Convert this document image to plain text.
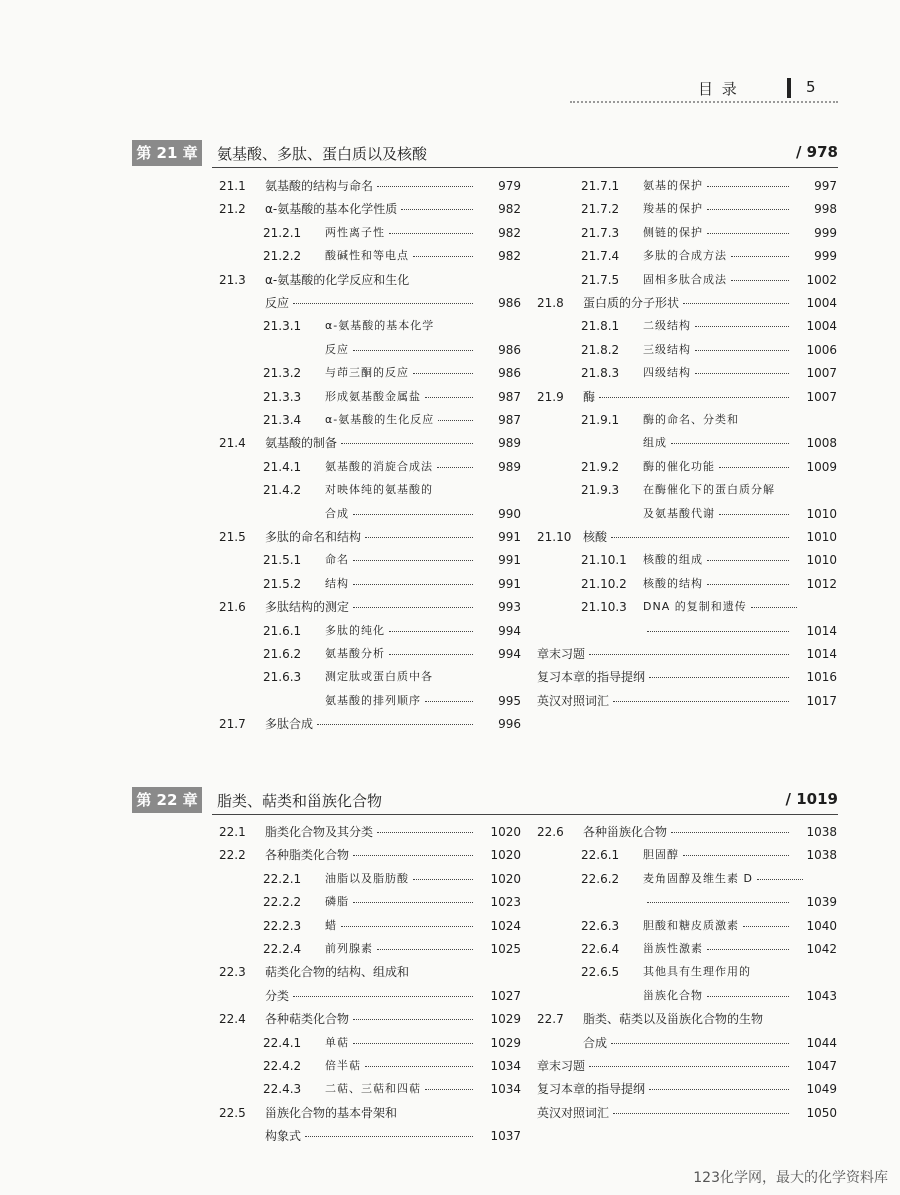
目 录	5
第 21 章 氨基酸、多肽、蛋白质以及核酸	/ 978
21.1 氨基酸的结构与命名	979
21.2 α-氨基酸的基本化学性质	982
21.2.1 两性离子性	982
21.2.2 酸碱性和等电点	982
21.3 α-氨基酸的化学反应和生化
反应	986
21.3.1 α-氨基酸的基本化学
反应	986
21.3.2 与茚三酮的反应	986
21.3.3 形成氨基酸金属盐	987
21.3.4 α-氨基酸的生化反应	987
21.4 氨基酸的制备	989
21.4.1 氨基酸的消旋合成法	989
21.4.2 对映体纯的氨基酸的
合成	990
21.5 多肽的命名和结构	991
21.5.1 命名	991
21.5.2 结构	991
21.6 多肽结构的测定	993
21.6.1 多肽的纯化	994
21.6.2 氨基酸分析	994
21.6.3 测定肽或蛋白质中各
氨基酸的排列顺序	995
21.7 多肽合成	996
21.7.1 氨基的保护	997
21.7.2 羧基的保护	998
21.7.3 侧链的保护	999
21.7.4 多肽的合成方法	999
21.7.5 固相多肽合成法	1002
21.8 蛋白质的分子形状	1004
21.8.1 二级结构	1004
21.8.2 三级结构	1006
21.8.3 四级结构	1007
21.9 酶	1007
21.9.1 酶的命名、分类和
组成	1008
21.9.2 酶的催化功能	1009
21.9.3 在酶催化下的蛋白质分解
及氨基酸代谢	1010
21.10 核酸	1010
21.10.1 核酸的组成	1010
21.10.2 核酸的结构	1012
21.10.3 DNA 的复制和遗传
1014
章末习题	1014
复习本章的指导提纲	1016
英汉对照词汇	1017
第 22 章 脂类、萜类和甾族化合物	/ 1019
22.1 脂类化合物及其分类	1020
22.2 各种脂类化合物	1020
22.2.1 油脂以及脂肪酸	1020
22.2.2 磷脂	1023
22.2.3 蜡	1024
22.2.4 前列腺素	1025
22.3 萜类化合物的结构、组成和
分类	1027
22.4 各种萜类化合物	1029
22.4.1 单萜	1029
22.4.2 倍半萜	1034
22.4.3 二萜、三萜和四萜	1034
22.5 甾族化合物的基本骨架和
构象式	1037
22.6 各种甾族化合物	1038
22.6.1 胆固醇	1038
22.6.2 麦角固醇及维生素 D
1039
22.6.3 胆酸和糖皮质激素	1040
22.6.4 甾族性激素	1042
22.6.5 其他具有生理作用的
甾族化合物	1043
22.7 脂类、萜类以及甾族化合物的生物
合成	1044
章末习题	1047
复习本章的指导提纲	1049
英汉对照词汇	1050
123化学网，最大的化学资料库
